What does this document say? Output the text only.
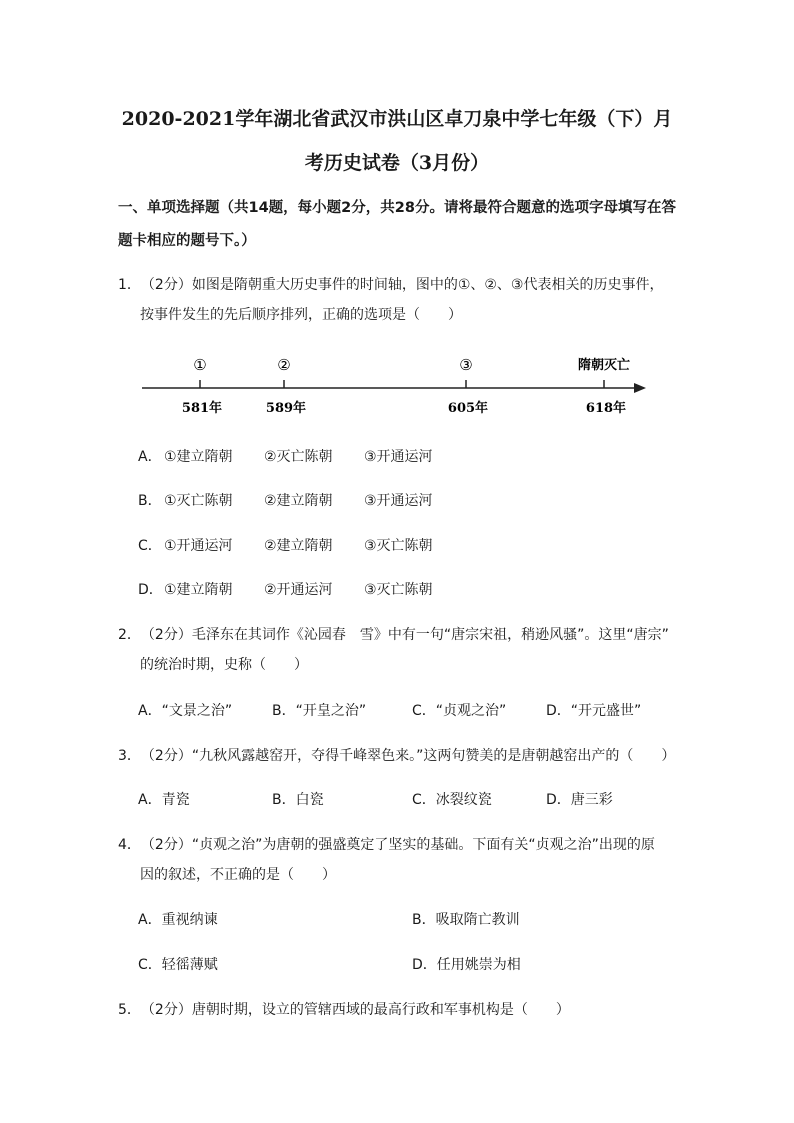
2020-2021学年湖北省武汉市洪山区卓刀泉中学七年级（下）月
考历史试卷（3月份）
一、单项选择题（共14题，每小题2分，共28分。请将最符合题意的选项字母填写在答
题卡相应的题号下。）
1．（2分）如图是隋朝重大历史事件的时间轴，图中的①、②、③代表相关的历史事件，
按事件发生的先后顺序排列，正确的选项是（　　）
①	②	③	隋朝灭亡
581年	589年	605年	618年
A． ①建立隋朝 ②灭亡陈朝 ③开通运河
B． ①灭亡陈朝 ②建立隋朝 ③开通运河
C． ①开通运河 ②建立隋朝 ③灭亡陈朝
D．①建立隋朝 ②开通运河 ③灭亡陈朝
2．（2分）毛泽东在其词作《沁园春　雪》中有一句“唐宗宋祖，稍逊风骚”。这里“唐宗”
的统治时期，史称（　　）
A．“文景之治”	B．“开皇之治”	C．“贞观之治”	D．“开元盛世”
3．（2分）“九秋风露越窑开，夺得千峰翠色来。”这两句赞美的是唐朝越窑出产的（　　）
A．青瓷	B．白瓷	C．冰裂纹瓷	D．唐三彩
4．（2分）“贞观之治”为唐朝的强盛奠定了坚实的基础。下面有关“贞观之治”出现的原
因的叙述，不正确的是（　　）
A．重视纳谏	B．吸取隋亡教训
C．轻徭薄赋	D．任用姚崇为相
5．（2分）唐朝时期，设立的管辖西域的最高行政和军事机构是（　　）
